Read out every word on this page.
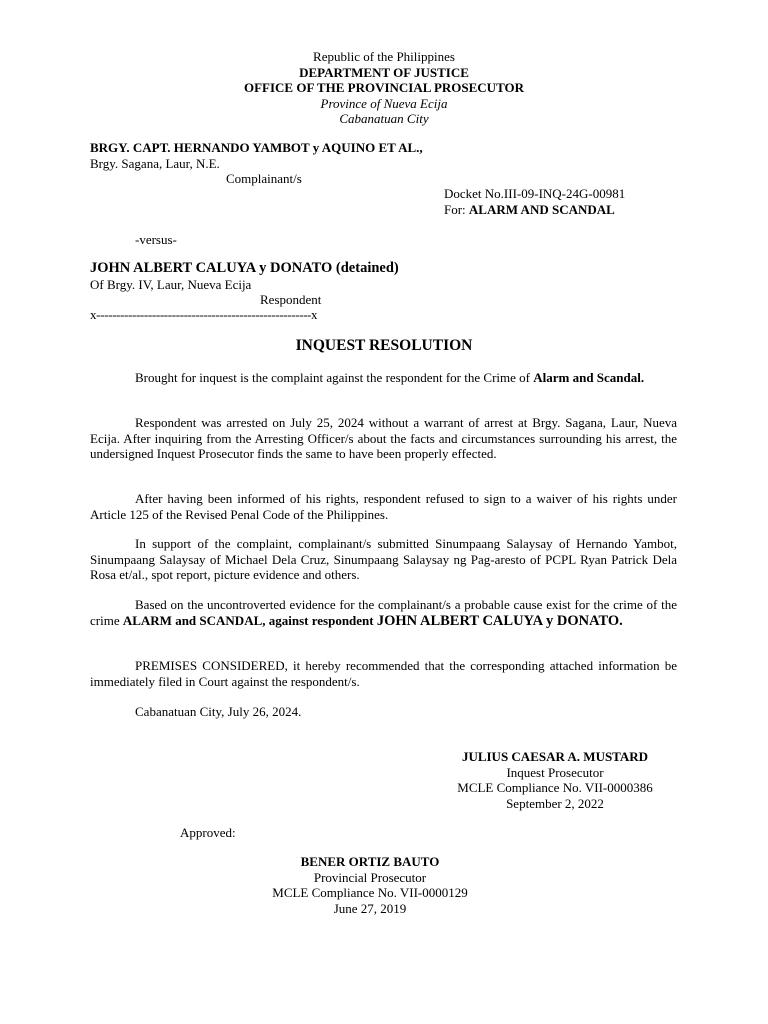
Republic of the Philippines
DEPARTMENT OF JUSTICE
OFFICE OF THE PROVINCIAL PROSECUTOR
Province of Nueva Ecija
Cabanatuan City
BRGY. CAPT. HERNANDO YAMBOT y AQUINO ET AL.,
Brgy. Sagana, Laur, N.E.
Complainant/s
Docket No.III-09-INQ-24G-00981
For: ALARM AND SCANDAL
-versus-
JOHN ALBERT CALUYA y DONATO (detained)
Of Brgy. IV, Laur, Nueva Ecija
Respondent
x------------------------------------------------------x
INQUEST RESOLUTION

Brought for inquest is the complaint against the respondent for the Crime of Alarm and Scandal.

Respondent was arrested on July 25, 2024 without a warrant of arrest at Brgy. Sagana, Laur, Nueva Ecija. After inquiring from the Arresting Officer/s about the facts and circumstances surrounding his arrest, the undersigned Inquest Prosecutor finds the same to have been properly effected.

After having been informed of his rights, respondent refused to sign to a waiver of his rights under Article 125 of the Revised Penal Code of the Philippines.

In support of the complaint, complainant/s submitted Sinumpaang Salaysay of Hernando Yambot, Sinumpaang Salaysay of Michael Dela Cruz, Sinumpaang Salaysay ng Pag-aresto of PCPL Ryan Patrick Dela Rosa et/al., spot report, picture evidence and others.

Based on the uncontroverted evidence for the complainant/s a probable cause exist for the crime of the crime ALARM and SCANDAL, against respondent JOHN ALBERT CALUYA y DONATO.

PREMISES CONSIDERED, it hereby recommended that the corresponding attached information be immediately filed in Court against the respondent/s.

Cabanatuan City, July 26, 2024.

JULIUS CAESAR A. MUSTARD
Inquest Prosecutor
MCLE Compliance No. VII-0000386
September 2, 2022
Approved:
BENER ORTIZ BAUTO
Provincial Prosecutor
MCLE Compliance No. VII-0000129
June 27, 2019
